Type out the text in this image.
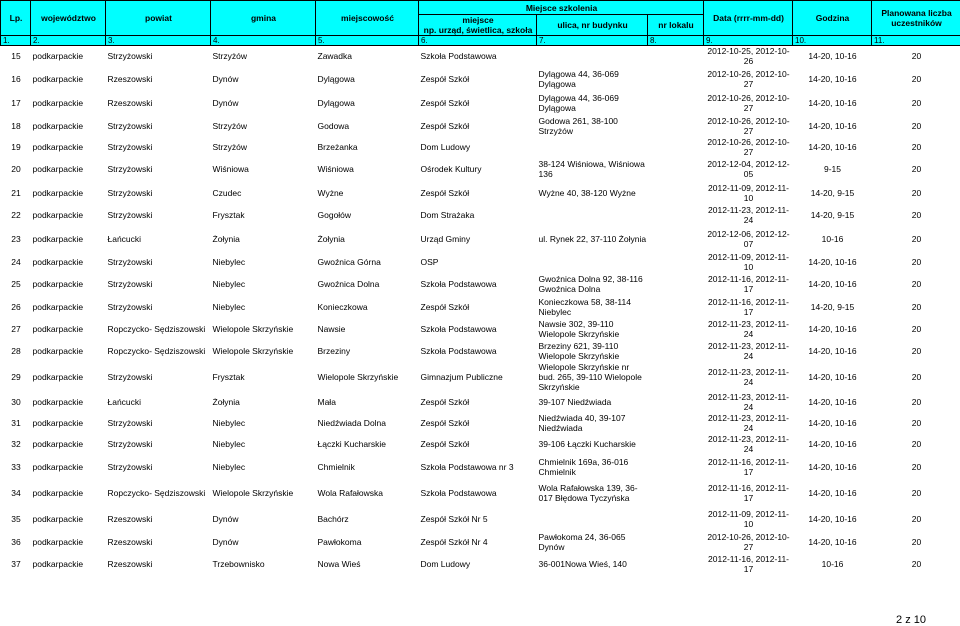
Lp.	województwo	powiat	gmina	miejscowość	Miejsce szkolenia			Data (rrrr-mm-dd)	Godzina	Planowana liczba uczestników

					miejsce
np. urząd, świetlica, szkoła	ulica, nr budynku	nr lokalu			
1.	2.	3.	4.	5.	6.	7.	8.	9.	10.	11.
15	podkarpackie	Strzyżowski	Strzyżów	Zawadka	Szkoła Podstawowa			2012-10-25, 2012-10-26	14-20, 10-16	20
16	podkarpackie	Rzeszowski	Dynów	Dylągowa	Zespół Szkół	Dylągowa 44, 36-069 Dylągowa		2012-10-26, 2012-10-27	14-20, 10-16	20
17	podkarpackie	Rzeszowski	Dynów	Dylągowa	Zespół Szkół	Dylągowa 44, 36-069 Dylągowa		2012-10-26, 2012-10-27	14-20, 10-16	20
18	podkarpackie	Strzyżowski	Strzyżów	Godowa	Zespół Szkół	Godowa 261, 38-100 Strzyżów		2012-10-26, 2012-10-27	14-20, 10-16	20
19	podkarpackie	Strzyżowski	Strzyżów	Brzeżanka	Dom Ludowy			2012-10-26, 2012-10-27	14-20, 10-16	20
20	podkarpackie	Strzyżowski	Wiśniowa	Wiśniowa	Ośrodek Kultury	38-124 Wiśniowa, Wiśniowa 136		2012-12-04, 2012-12-05	9-15	20
21	podkarpackie	Strzyżowski	Czudec	Wyżne	Zespół Szkół	Wyżne 40, 38-120 Wyżne		2012-11-09, 2012-11-10	14-20, 9-15	20
22	podkarpackie	Strzyżowski	Frysztak	Gogołów	Dom Strażaka			2012-11-23, 2012-11-24	14-20, 9-15	20
23	podkarpackie	Łańcucki	Żołynia	Żołynia	Urząd Gminy	ul. Rynek 22, 37-110 Żołynia		2012-12-06, 2012-12-07	10-16	20
24	podkarpackie	Strzyżowski	Niebylec	Gwoźnica Górna	OSP			2012-11-09, 2012-11-10	14-20, 10-16	20
25	podkarpackie	Strzyżowski	Niebylec	Gwoźnica Dolna	Szkoła Podstawowa	Gwoźnica Dolna 92, 38-116 Gwoźnica Dolna		2012-11-16, 2012-11-17	14-20, 10-16	20
26	podkarpackie	Strzyżowski	Niebylec	Konieczkowa	Zespół Szkół	Konieczkowa 58, 38-114 Niebylec		2012-11-16, 2012-11-17	14-20, 9-15	20
27	podkarpackie	Ropczycko- Sędziszowski	Wielopole Skrzyńskie	Nawsie	Szkoła Podstawowa	Nawsie 302, 39-110 Wielopole Skrzyńskie		2012-11-23, 2012-11-24	14-20, 10-16	20
28	podkarpackie	Ropczycko- Sędziszowski	Wielopole Skrzyńskie	Brzeziny	Szkoła Podstawowa	Brzeziny 621, 39-110 Wielopole Skrzyńskie		2012-11-23, 2012-11-24	14-20, 10-16	20
29	podkarpackie	Strzyżowski	Frysztak	Wielopole Skrzyńskie	Gimnazjum Publiczne	Wielopole Skrzyńskie nr bud. 265, 39-110 Wielopole Skrzyńskie		2012-11-23, 2012-11-24	14-20, 10-16	20
30	podkarpackie	Łańcucki	Żołynia	Mała	Zespół Szkół	39-107 Niedźwiada		2012-11-23, 2012-11-24	14-20, 10-16	20
31	podkarpackie	Strzyżowski	Niebylec	Niedźwiada Dolna	Zespół Szkół	Niedźwiada 40, 39-107 Niedźwiada		2012-11-23, 2012-11-24	14-20, 10-16	20
32	podkarpackie	Strzyżowski	Niebylec	Łączki Kucharskie	Zespół Szkół	39-106 Łączki Kucharskie		2012-11-23, 2012-11-24	14-20, 10-16	20
33	podkarpackie	Strzyżowski	Niebylec	Chmielnik	Szkoła Podstawowa nr 3	Chmielnik 169a, 36-016 Chmielnik		2012-11-16, 2012-11-17	14-20, 10-16	20
34	podkarpackie	Ropczycko- Sędziszowski	Wielopole Skrzyńskie	Wola Rafałowska	Szkoła Podstawowa	Wola Rafałowska 139, 36-017 Błędowa Tyczyńska		2012-11-16, 2012-11-17	14-20, 10-16	20
35	podkarpackie	Rzeszowski	Dynów	Bachórz	Zespół Szkół Nr 5			2012-11-09, 2012-11-10	14-20, 10-16	20
36	podkarpackie	Rzeszowski	Dynów	Pawłokoma	Zespół Szkół Nr 4	Pawłokoma 24, 36-065 Dynów		2012-10-26, 2012-10-27	14-20, 10-16	20
37	podkarpackie	Rzeszowski	Trzebownisko	Nowa Wieś	Dom Ludowy	36-001Nowa Wieś, 140		2012-11-16, 2012-11-17	10-16	20
2 z 10
